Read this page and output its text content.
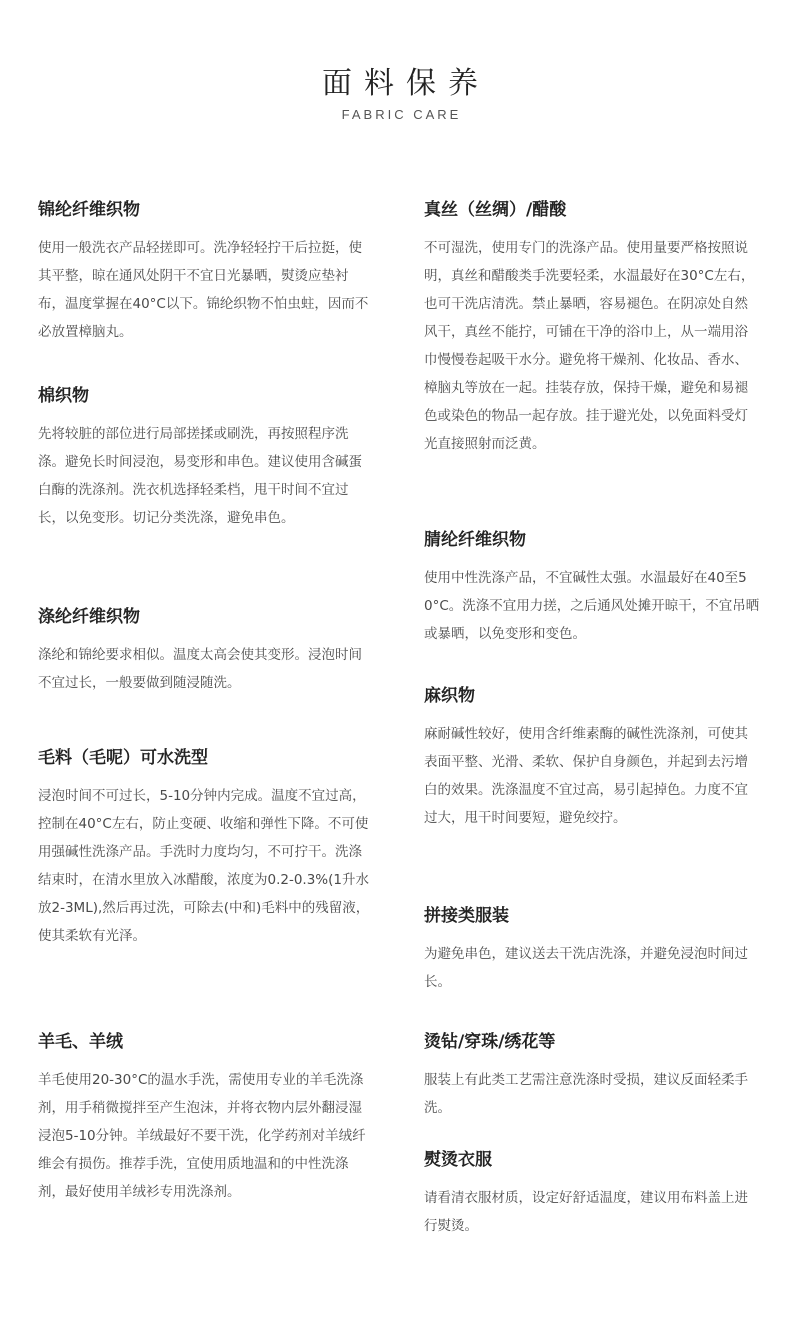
面料保养
FABRIC CARE
锦纶纤维织物

使用一般洗衣产品轻搓即可。洗净轻轻拧干后拉挺，使其平整，晾在通风处阴干不宜日光暴晒，熨烫应垫衬布，温度掌握在40°C以下。锦纶织物不怕虫蛀，因而不必放置樟脑丸。

棉织物

先将较脏的部位进行局部搓揉或刷洗，再按照程序洗涤。避免长时间浸泡，易变形和串色。建议使用含碱蛋白酶的洗涤剂。洗衣机选择轻柔档，甩干时间不宜过长，以免变形。切记分类洗涤，避免串色。

涤纶纤维织物

涤纶和锦纶要求相似。温度太高会使其变形。浸泡时间不宜过长，一般要做到随浸随洗。

毛料（毛呢）可水洗型

浸泡时间不可过长，5-10分钟内完成。温度不宜过高，控制在40°C左右，防止变硬、收缩和弹性下降。不可使用强碱性洗涤产品。手洗时力度均匀，不可拧干。洗涤结束时，在清水里放入冰醋酸，浓度为0.2-0.3%(1升水放2-3ML),然后再过洗，可除去(中和)毛料中的残留液，使其柔软有光泽。

羊毛、羊绒

羊毛使用20-30°C的温水手洗，需使用专业的羊毛洗涤剂，用手稍微搅拌至产生泡沫，并将衣物内层外翻浸湿浸泡5-10分钟。羊绒最好不要干洗，化学药剂对羊绒纤维会有损伤。推荐手洗，宜使用质地温和的中性洗涤剂，最好使用羊绒衫专用洗涤剂。

真丝（丝绸）/醋酸

不可湿洗，使用专门的洗涤产品。使用量要严格按照说明，真丝和醋酸类手洗要轻柔，水温最好在30°C左右，也可干洗店清洗。禁止暴晒，容易褪色。在阴凉处自然风干，真丝不能拧，可铺在干净的浴巾上，从一端用浴巾慢慢卷起吸干水分。避免将干燥剂、化妆品、香水、樟脑丸等放在一起。挂装存放，保持干燥，避免和易褪色或染色的物品一起存放。挂于避光处，以免面料受灯光直接照射而泛黄。

腈纶纤维织物

使用中性洗涤产品，不宜碱性太强。水温最好在40至50°C。洗涤不宜用力搓，之后通风处摊开晾干，不宜吊晒或暴晒，以免变形和变色。

麻织物

麻耐碱性较好，使用含纤维素酶的碱性洗涤剂，可使其表面平整、光滑、柔软、保护自身颜色，并起到去污增白的效果。洗涤温度不宜过高，易引起掉色。力度不宜过大，甩干时间要短，避免绞拧。

拼接类服装

为避免串色，建议送去干洗店洗涤，并避免浸泡时间过长。

烫钻/穿珠/绣花等

服装上有此类工艺需注意洗涤时受损，建议反面轻柔手洗。

熨烫衣服

请看清衣服材质，设定好舒适温度，建议用布料盖上进行熨烫。
